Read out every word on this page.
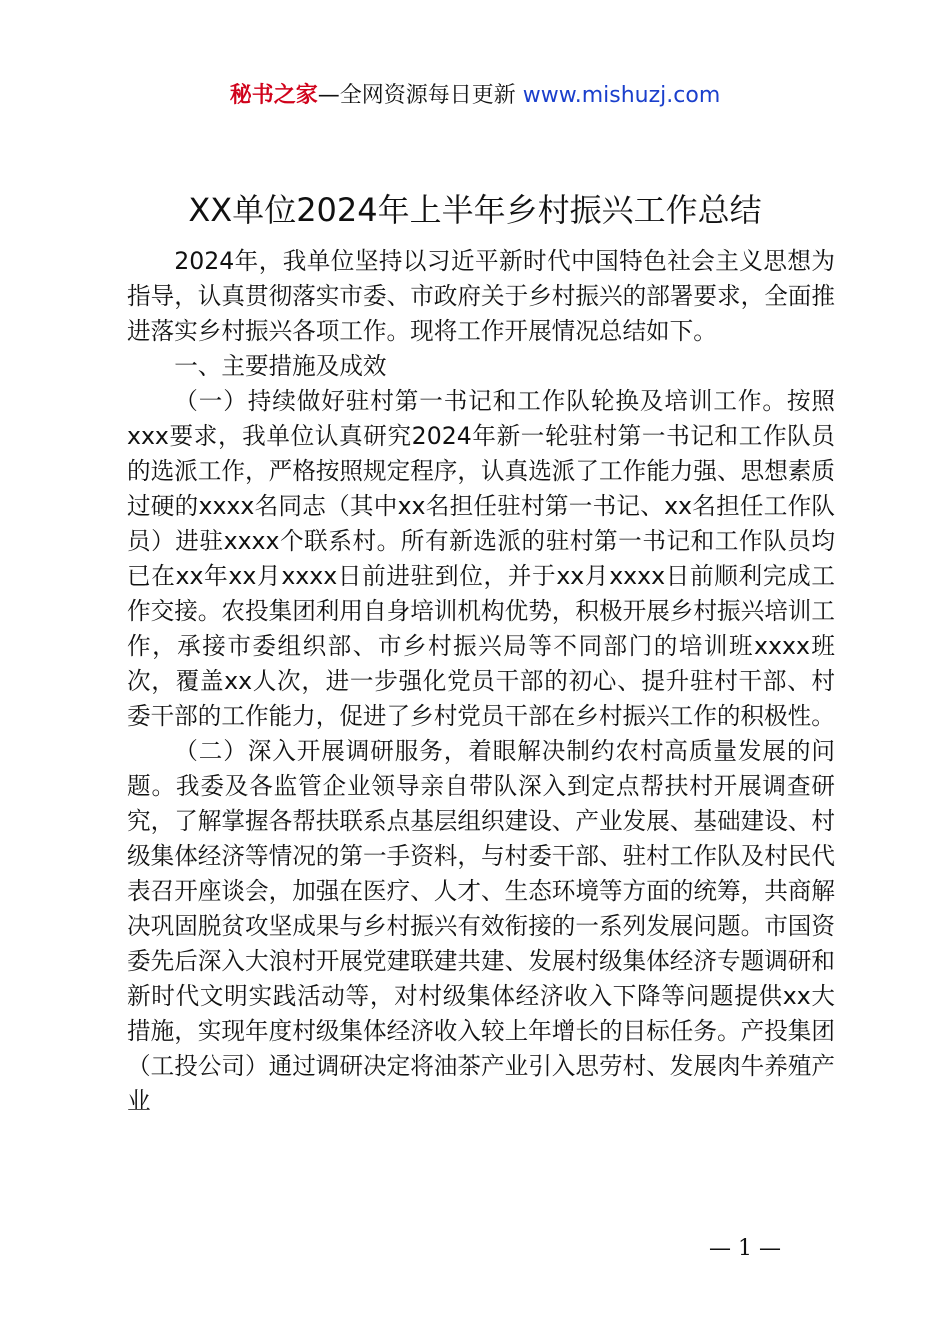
秘书之家—全网资源每日更新 www.mishuzj.com
XX单位2024年上半年乡村振兴工作总结

2024年，我单位坚持以习近平新时代中国特色社会主义思想为指导，认真贯彻落实市委、市政府关于乡村振兴的部署要求，全面推进落实乡村振兴各项工作。现将工作开展情况总结如下。

一、主要措施及成效

（一）持续做好驻村第一书记和工作队轮换及培训工作。按照xxx要求，我单位认真研究2024年新一轮驻村第一书记和工作队员的选派工作，严格按照规定程序，认真选派了工作能力强、思想素质过硬的xxxx名同志（其中xx名担任驻村第一书记、xx名担任工作队员）进驻xxxx个联系村。所有新选派的驻村第一书记和工作队员均已在xx年xx月xxxx日前进驻到位，并于xx月xxxx日前顺利完成工作交接。农投集团利用自身培训机构优势，积极开展乡村振兴培训工作，承接市委组织部、市乡村振兴局等不同部门的培训班xxxx班次，覆盖xx人次，进一步强化党员干部的初心、提升驻村干部、村委干部的工作能力，促进了乡村党员干部在乡村振兴工作的积极性。

（二）深入开展调研服务，着眼解决制约农村高质量发展的问题。我委及各监管企业领导亲自带队深入到定点帮扶村开展调查研究，了解掌握各帮扶联系点基层组织建设、产业发展、基础建设、村级集体经济等情况的第一手资料，与村委干部、驻村工作队及村民代表召开座谈会，加强在医疗、人才、生态环境等方面的统筹，共商解决巩固脱贫攻坚成果与乡村振兴有效衔接的一系列发展问题。市国资委先后深入大浪村开展党建联建共建、发展村级集体经济专题调研和新时代文明实践活动等，对村级集体经济收入下降等问题提供xx大措施，实现年度村级集体经济收入较上年增长的目标任务。产投集团（工投公司）通过调研决定将油茶产业引入思劳村、发展肉牛养殖产业

— 1 —
